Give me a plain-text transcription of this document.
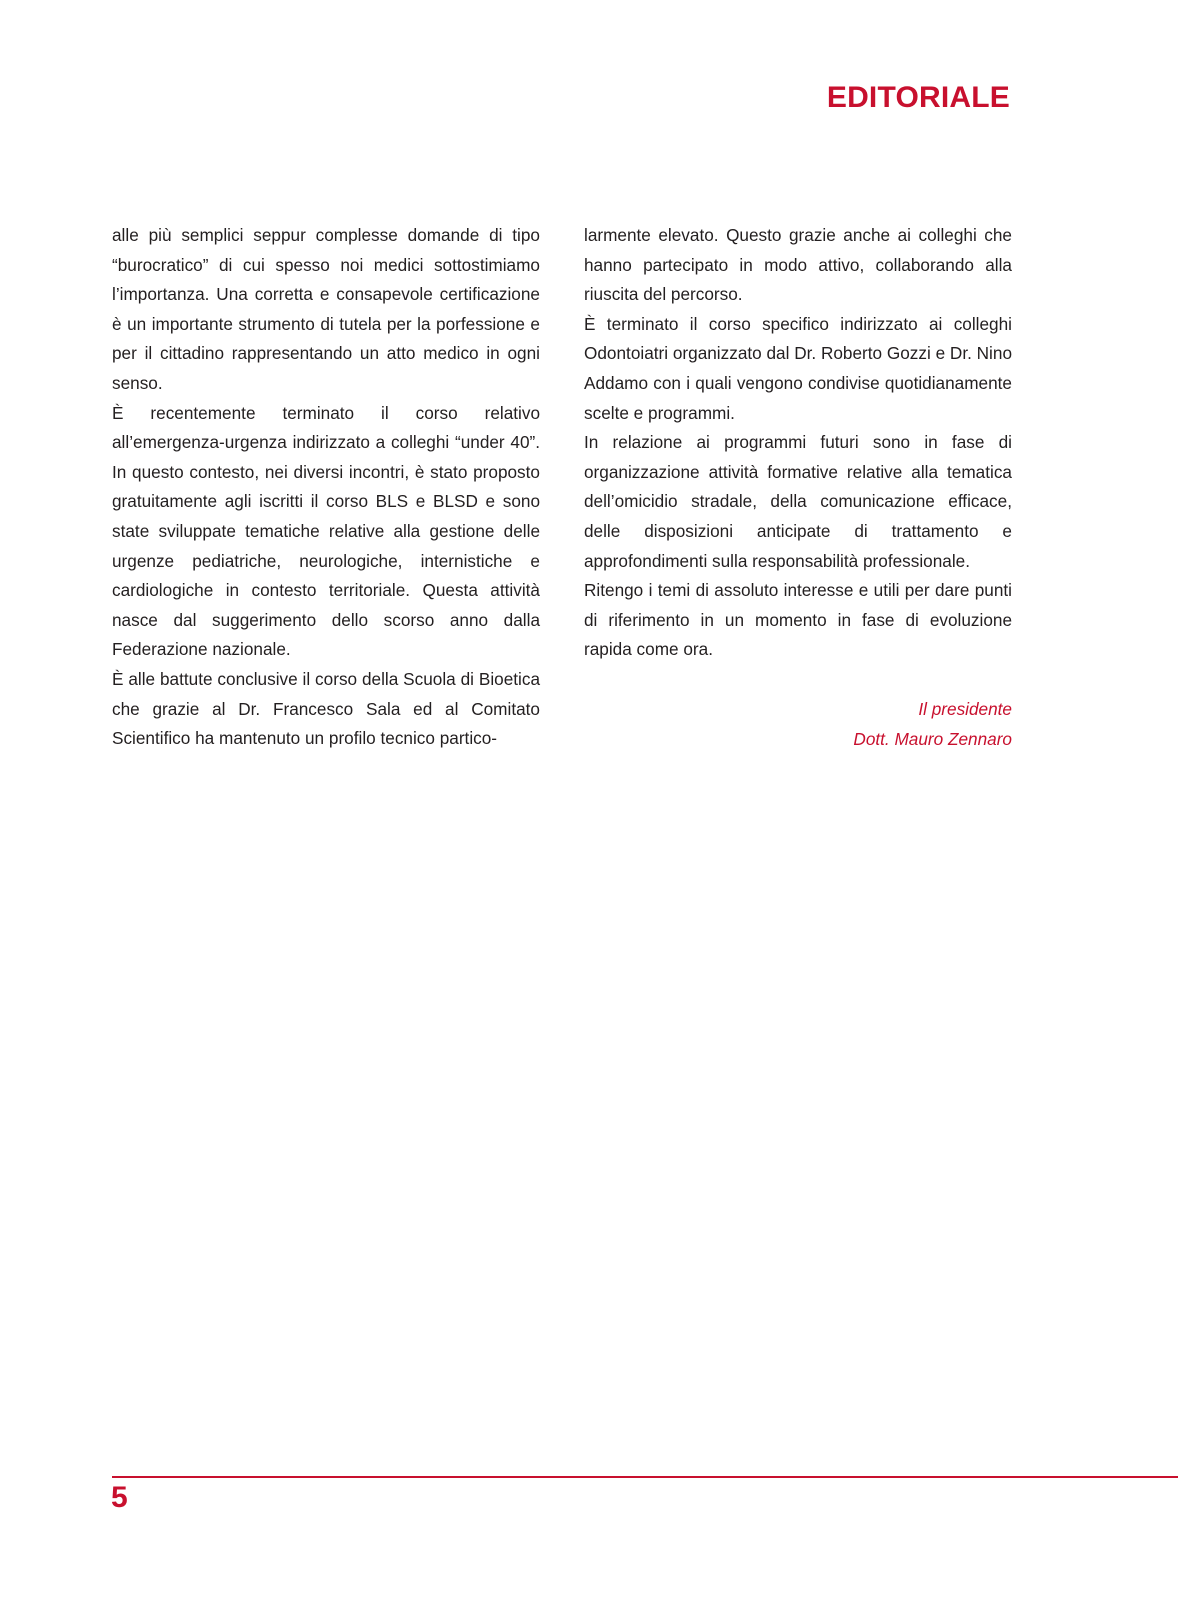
EDITORIALE

alle più semplici seppur complesse domande di tipo “burocratico” di cui spesso noi medici sottostimiamo l’importanza. Una corretta e consapevole certificazione è un importante strumento di tutela per la porfessione e per il cittadino rappresentando un atto medico in ogni senso.

È recentemente terminato il corso relativo all’emergenza-urgenza indirizzato a colleghi “under 40”. In questo contesto, nei diversi incontri, è stato proposto gratuitamente agli iscritti il corso BLS e BLSD e sono state sviluppate tematiche relative alla gestione delle urgenze pediatriche, neurologiche, internistiche e cardiologiche in contesto territoriale. Questa attività nasce dal suggerimento dello scorso anno dalla Federazione nazionale.

È alle battute conclusive il corso della Scuola di Bioetica che grazie al Dr. Francesco Sala ed al Comitato Scientifico ha mantenuto un profilo tecnico partico-

larmente elevato. Questo grazie anche ai colleghi che hanno partecipato in modo attivo, collaborando alla riuscita del percorso.

È terminato il corso specifico indirizzato ai colleghi Odontoiatri organizzato dal Dr. Roberto Gozzi e Dr. Nino Addamo con i quali vengono condivise quotidianamente scelte e programmi.

In relazione ai programmi futuri sono in fase di organizzazione attività formative relative alla tematica dell’omicidio stradale, della comunicazione efficace, delle disposizioni anticipate di trattamento e approfondimenti sulla responsabilità professionale.

Ritengo i temi di assoluto interesse e utili per dare punti di riferimento in un momento in fase di evoluzione rapida come ora.

Il presidente
Dott. Mauro Zennaro
5
